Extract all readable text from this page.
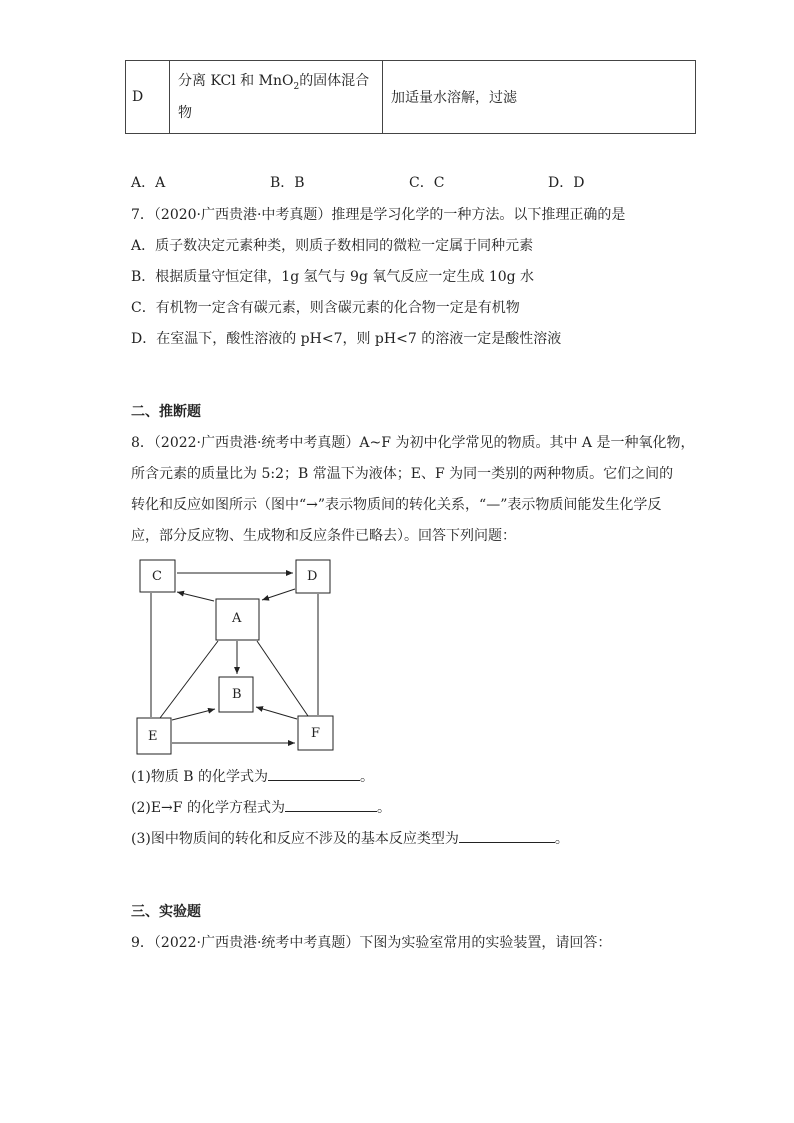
D	分离 KCl 和 MnO$_2$的固体混合物	加适量水溶解，过滤
A．A	B．B	C．C	D．D
7．（2020·广西贵港·中考真题）推理是学习化学的一种方法。以下推理正确的是
A．质子数决定元素种类，则质子数相同的微粒一定属于同种元素
B．根据质量守恒定律，1g 氢气与 9g 氧气反应一定生成 10g 水
C．有机物一定含有碳元素，则含碳元素的化合物一定是有机物
D．在室温下，酸性溶液的 pH<7，则 pH<7 的溶液一定是酸性溶液
二、推断题
8．（2022·广西贵港·统考中考真题）A~F 为初中化学常见的物质。其中 A 是一种氧化物，
所含元素的质量比为 5:2；B 常温下为液体；E、F 为同一类别的两种物质。它们之间的
转化和反应如图所示（图中“→”表示物质间的转化关系，“—”表示物质间能发生化学反
应，部分反应物、生成物和反应条件已略去）。回答下列问题：
C	D
A
B
E	F
(1)物质 B 的化学式为	。
(2)E→F 的化学方程式为	。
(3)图中物质间的转化和反应不涉及的基本反应类型为	。
三、实验题
9．（2022·广西贵港·统考中考真题）下图为实验室常用的实验装置，请回答：
